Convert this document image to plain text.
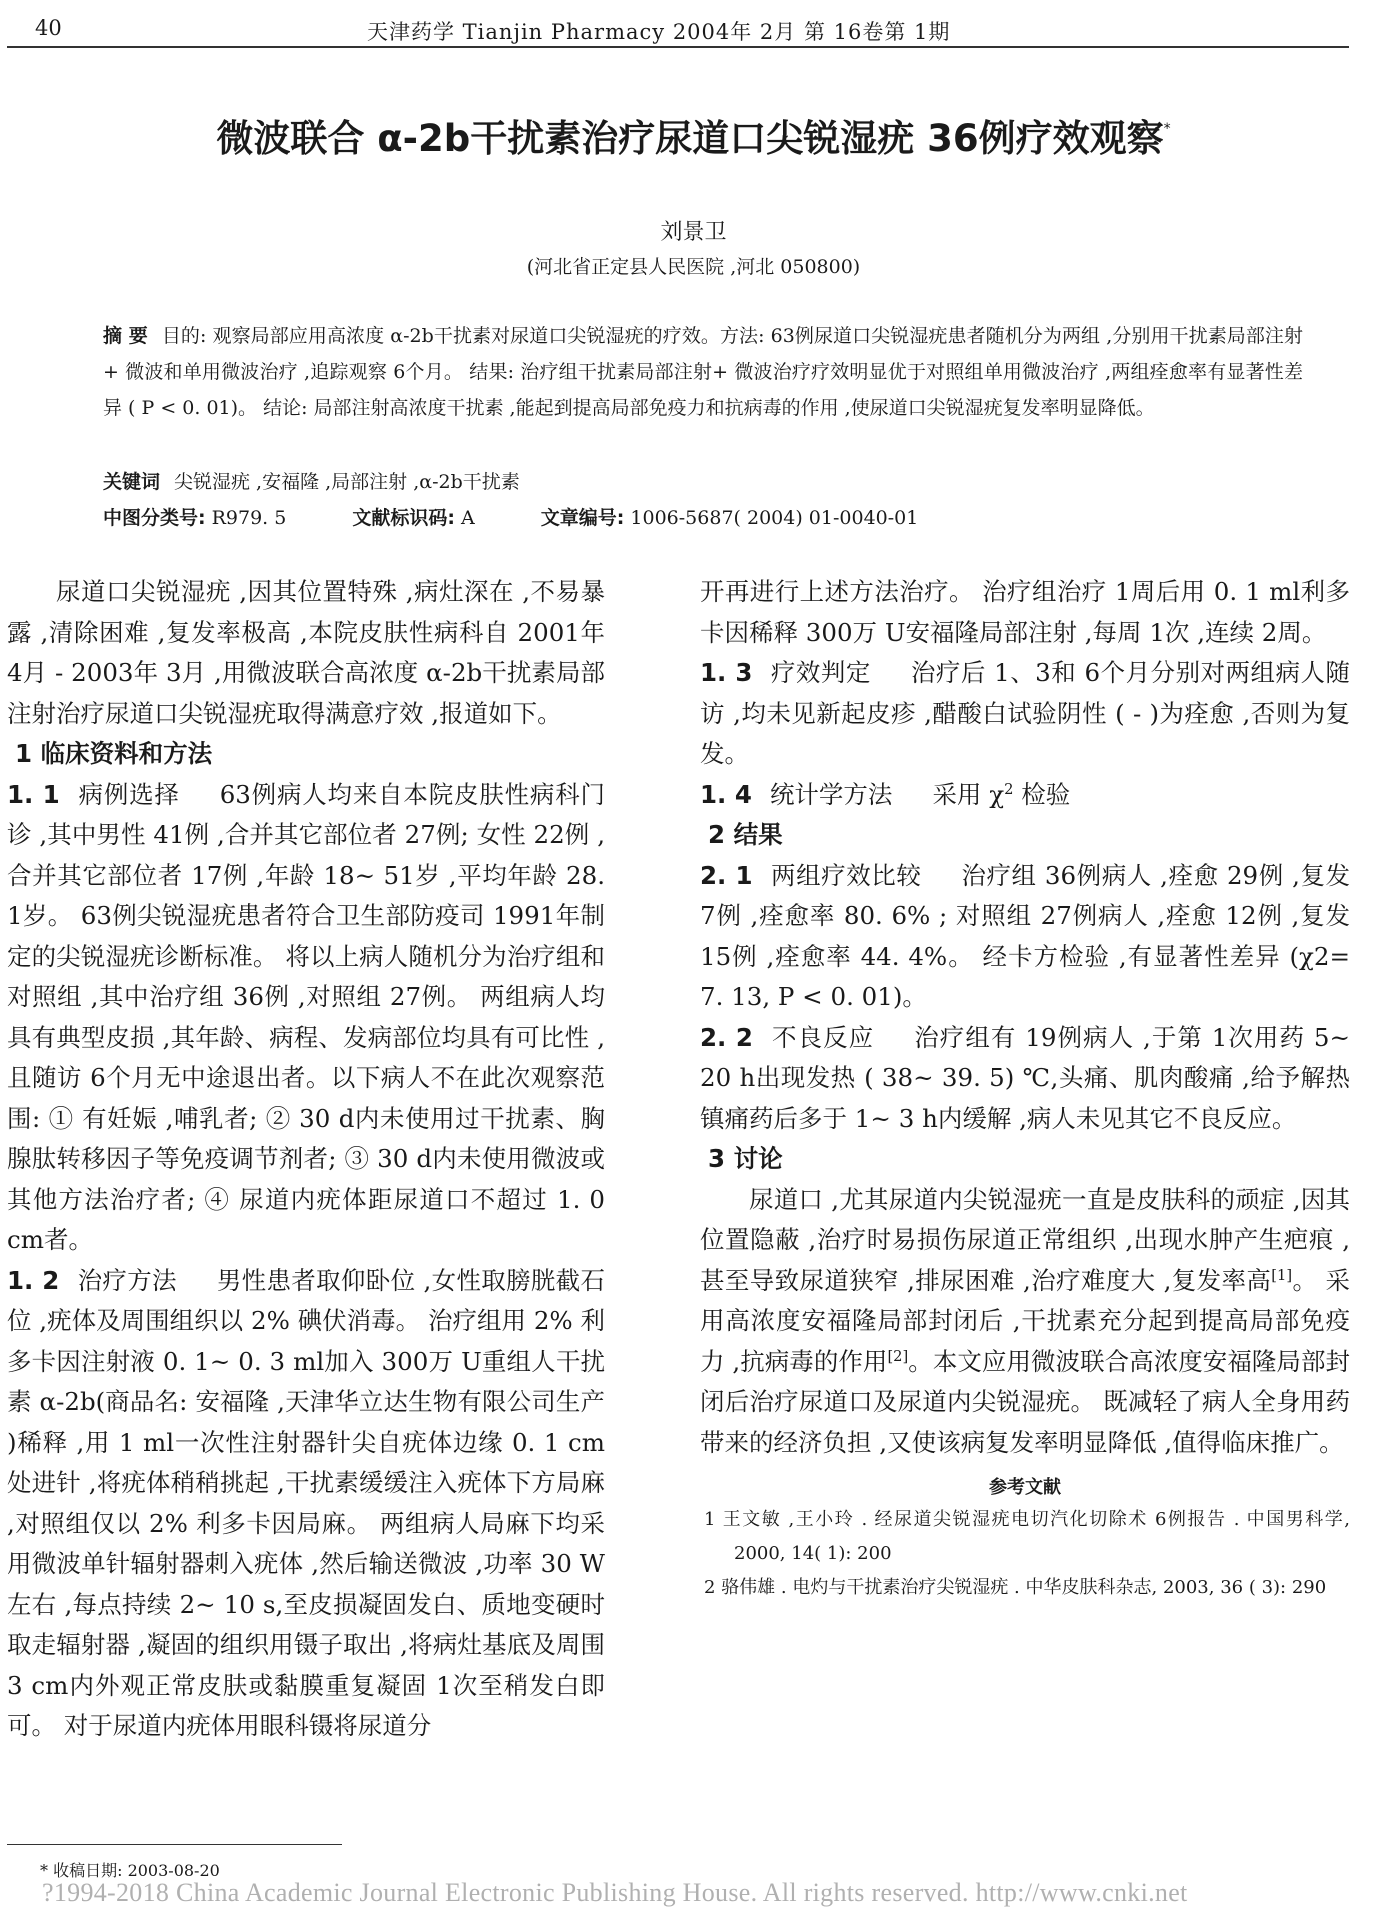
40	天津药学 Tianjin Pharmacy 2004年 2月 第 16卷第 1期
微波联合 α-2b干扰素治疗尿道口尖锐湿疣 36例疗效观察*
刘景卫
(河北省正定县人民医院 ,河北 050800)
摘 要 目的: 观察局部应用高浓度 α-2b干扰素对尿道口尖锐湿疣的疗效。方法: 63例尿道口尖锐湿疣患者随机分为两组 ,分别用干扰素局部注射+ 微波和单用微波治疗 ,追踪观察 6个月。 结果: 治疗组干扰素局部注射+ 微波治疗疗效明显优于对照组单用微波治疗 ,两组痊愈率有显著性差异 ( P < 0. 01)。 结论: 局部注射高浓度干扰素 ,能起到提高局部免疫力和抗病毒的作用 ,使尿道口尖锐湿疣复发率明显降低。
关键词 尖锐湿疣 ,安福隆 ,局部注射 ,α-2b干扰素
中图分类号: R979. 5	文献标识码: A	文章编号: 1006-5687( 2004) 01-0040-01

尿道口尖锐湿疣 ,因其位置特殊 ,病灶深在 ,不易暴露 ,清除困难 ,复发率极高 ,本院皮肤性病科自 2001年 4月 - 2003年 3月 ,用微波联合高浓度 α-2b干扰素局部注射治疗尿道口尖锐湿疣取得满意疗效 ,报道如下。

1 临床资料和方法

1. 1 病例选择 63例病人均来自本院皮肤性病科门诊 ,其中男性 41例 ,合并其它部位者 27例; 女性 22例 ,合并其它部位者 17例 ,年龄 18~ 51岁 ,平均年龄 28. 1岁。 63例尖锐湿疣患者符合卫生部防疫司 1991年制定的尖锐湿疣诊断标准。 将以上病人随机分为治疗组和对照组 ,其中治疗组 36例 ,对照组 27例。 两组病人均具有典型皮损 ,其年龄、病程、发病部位均具有可比性 ,且随访 6个月无中途退出者。以下病人不在此次观察范围: ① 有妊娠 ,哺乳者; ② 30 d内未使用过干扰素、胸腺肽转移因子等免疫调节剂者; ③ 30 d内未使用微波或其他方法治疗者; ④ 尿道内疣体距尿道口不超过 1. 0 cm者。

1. 2 治疗方法 男性患者取仰卧位 ,女性取膀胱截石位 ,疣体及周围组织以 2% 碘伏消毒。 治疗组用 2% 利多卡因注射液 0. 1~ 0. 3 ml加入 300万 U重组人干扰素 α-2b(商品名: 安福隆 ,天津华立达生物有限公司生产 )稀释 ,用 1 ml一次性注射器针尖自疣体边缘 0. 1 cm处进针 ,将疣体稍稍挑起 ,干扰素缓缓注入疣体下方局麻 ,对照组仅以 2% 利多卡因局麻。 两组病人局麻下均采用微波单针辐射器刺入疣体 ,然后输送微波 ,功率 30 W左右 ,每点持续 2~ 10 s,至皮损凝固发白、质地变硬时取走辐射器 ,凝固的组织用镊子取出 ,将病灶基底及周围 3 cm内外观正常皮肤或黏膜重复凝固 1次至稍发白即可。 对于尿道内疣体用眼科镊将尿道分

开再进行上述方法治疗。 治疗组治疗 1周后用 0. 1 ml利多卡因稀释 300万 U安福隆局部注射 ,每周 1次 ,连续 2周。

1. 3 疗效判定 治疗后 1、3和 6个月分别对两组病人随访 ,均未见新起皮疹 ,醋酸白试验阴性 ( - )为痊愈 ,否则为复发。

1. 4 统计学方法 采用 $\chi^2$ 检验

2 结果

2. 1 两组疗效比较 治疗组 36例病人 ,痊愈 29例 ,复发 7例 ,痊愈率 80. 6% ; 对照组 27例病人 ,痊愈 12例 ,复发 15例 ,痊愈率 44. 4%。 经卡方检验 ,有显著性差异 (χ2= 7. 13, P < 0. 01)。

2. 2 不良反应 治疗组有 19例病人 ,于第 1次用药 5~ 20 h出现发热 ( 38~ 39. 5) ℃,头痛、肌肉酸痛 ,给予解热镇痛药后多于 1~ 3 h内缓解 ,病人未见其它不良反应。

3 讨论

尿道口 ,尤其尿道内尖锐湿疣一直是皮肤科的顽症 ,因其位置隐蔽 ,治疗时易损伤尿道正常组织 ,出现水肿产生疤痕 ,甚至导致尿道狭窄 ,排尿困难 ,治疗难度大 ,复发率高[1]。 采用高浓度安福隆局部封闭后 ,干扰素充分起到提高局部免疫力 ,抗病毒的作用[2]。本文应用微波联合高浓度安福隆局部封闭后治疗尿道口及尿道内尖锐湿疣。 既减轻了病人全身用药带来的经济负担 ,又使该病复发率明显降低 ,值得临床推广。

参考文献

1 王文敏 ,王小玲 . 经尿道尖锐湿疣电切汽化切除术 6例报告 . 中国男科学, 2000, 14( 1): 200

2 骆伟雄 . 电灼与干扰素治疗尖锐湿疣 . 中华皮肤科杂志, 2003, 36 ( 3): 290

* 收稿日期: 2003-08-20
?1994-2018 China Academic Journal Electronic Publishing House. All rights reserved. http://www.cnki.net
